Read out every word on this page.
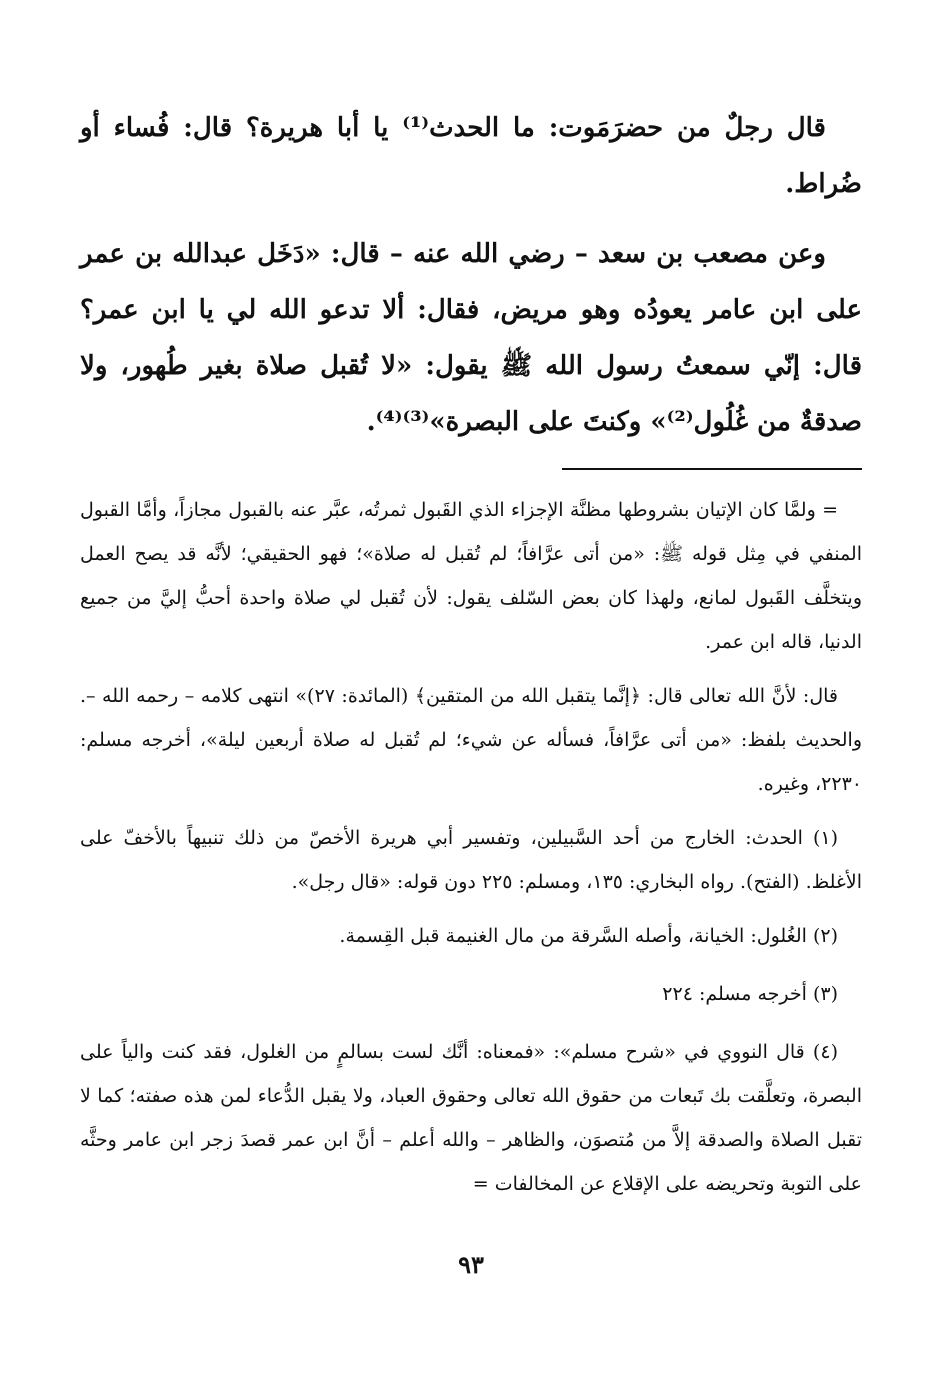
قال رجلٌ من حضرَمَوت: ما الحدث⁽¹⁾ يا أبا هريرة؟ قال: فُساء أو ضُراط.

وعن مصعب بن سعد – رضي الله عنه – قال: «دَخَل عبدالله بن عمر على ابن عامر يعودُه وهو مريض، فقال: ألا تدعو الله لي يا ابن عمر؟ قال: إنّي سمعتُ رسول الله ﷺ يقول: «لا تُقبل صلاة بغير طُهور، ولا صدقةٌ من غُلُول⁽²⁾» وكنتَ على البصرة»⁽³⁾⁽⁴⁾.

= ولمَّا كان الإتيان بشروطها مظنَّة الإجزاء الذي القَبول ثمرتُه، عبَّر عنه بالقبول مجازاً، وأمَّا القبول المنفي في مِثل قوله ﷺ: «من أتى عرَّافاً؛ لم تُقبل له صلاة»؛ فهو الحقيقي؛ لأنَّه قد يصح العمل ويتخلَّف القَبول لمانع، ولهذا كان بعض السّلف يقول: لأن تُقبل لي صلاة واحدة أحبُّ إليَّ من جميع الدنيا، قاله ابن عمر.

قال: لأنَّ الله تعالى قال: ﴿إنَّما يتقبل الله من المتقين﴾ (المائدة: ٢٧)» انتهى كلامه – رحمه الله –. والحديث بلفظ: «من أتى عرَّافاً، فسأله عن شيء؛ لم تُقبل له صلاة أربعين ليلة»، أخرجه مسلم: ٢٢٣٠، وغيره.

(١) الحدث: الخارج من أحد السَّبيلين، وتفسير أبي هريرة الأخصّ من ذلك تنبيهاً بالأخفّ على الأغلظ. (الفتح). رواه البخاري: ١٣٥، ومسلم: ٢٢٥ دون قوله: «قال رجل».

(٢) الغُلول: الخيانة، وأصله السَّرقة من مال الغنيمة قبل القِسمة.

(٣) أخرجه مسلم: ٢٢٤

(٤) قال النووي في «شرح مسلم»: «فمعناه: أنَّك لست بسالمٍ من الغلول، فقد كنت والياً على البصرة، وتعلَّقت بك تَبعات من حقوق الله تعالى وحقوق العباد، ولا يقبل الدُّعاء لمن هذه صفته؛ كما لا تقبل الصلاة والصدقة إلاَّ من مُتصوَن، والظاهر – والله أعلم – أنَّ ابن عمر قصدَ زجر ابن عامر وحثَّه على التوبة وتحريضه على الإقلاع عن المخالفات =

٩٣
